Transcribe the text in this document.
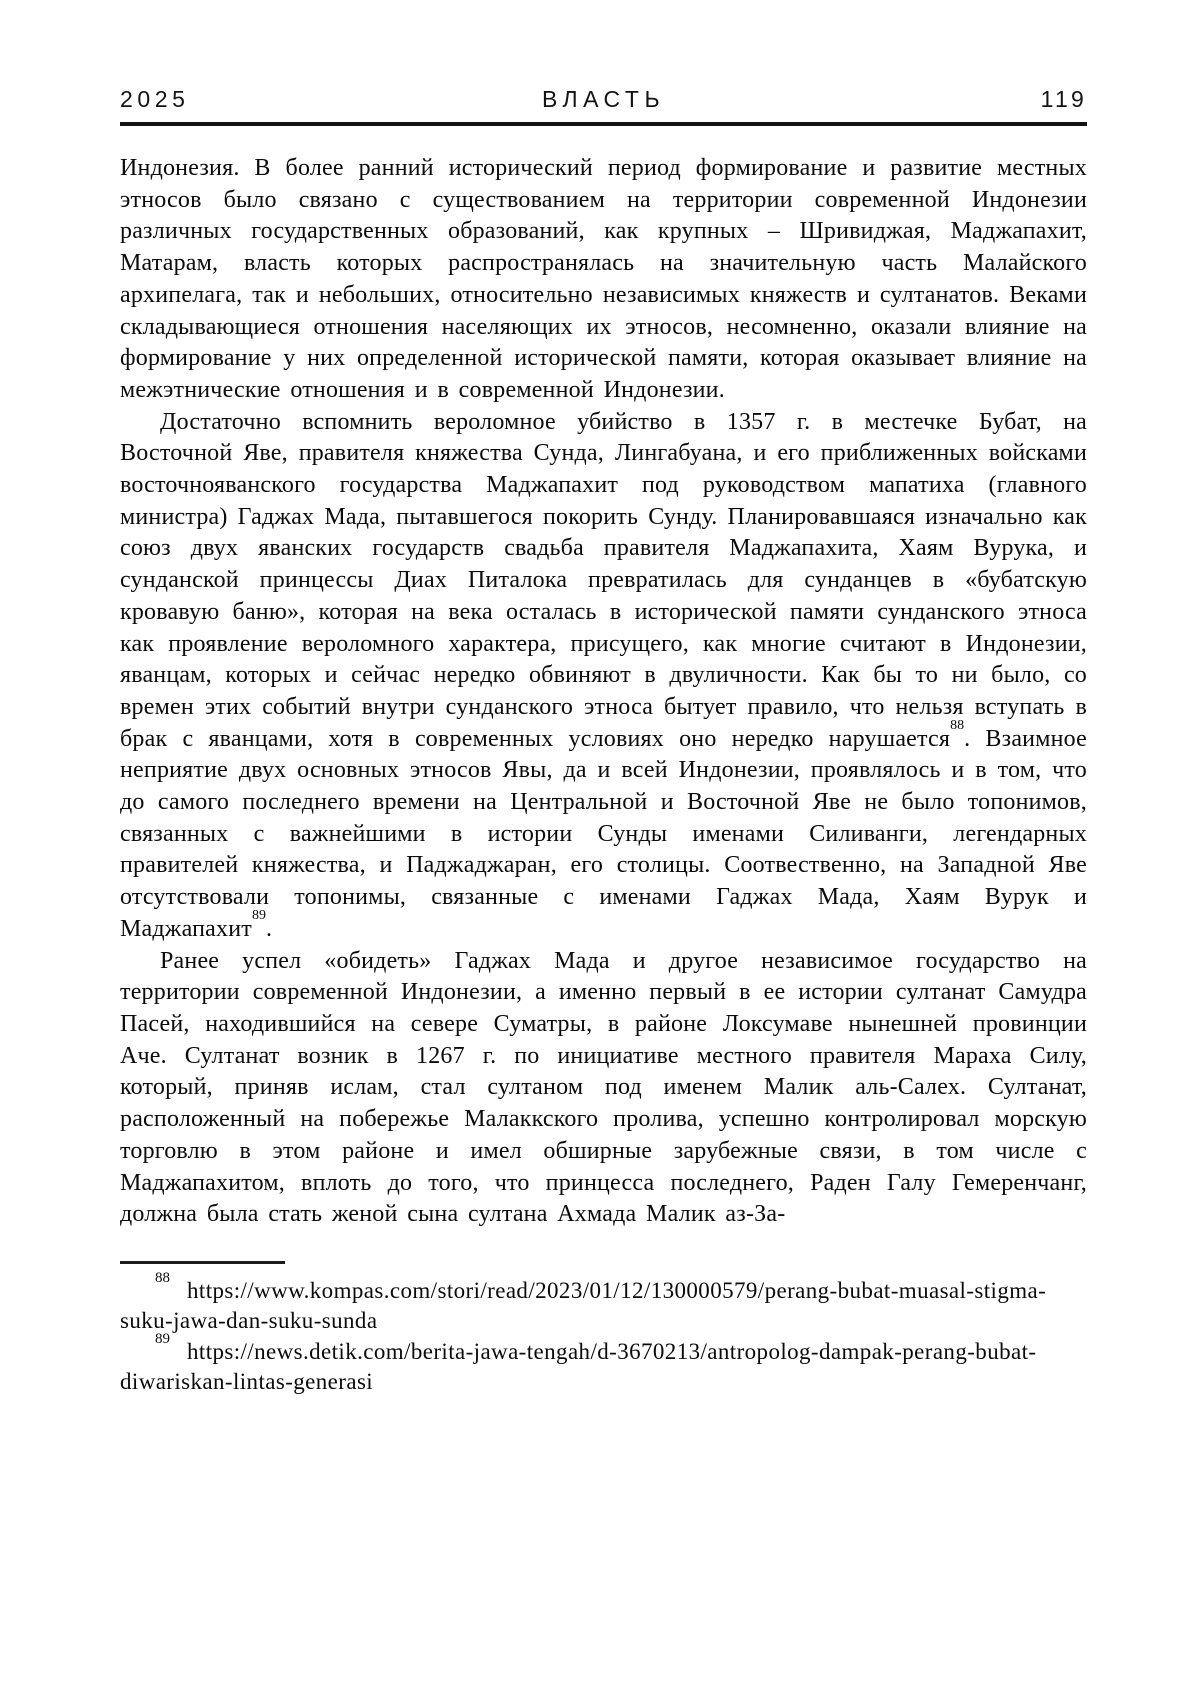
2025	ВЛАСТЬ	119

Индонезия. В более ранний исторический период формирование и развитие местных этносов было связано с существованием на территории современной Индонезии различных государственных образований, как крупных – Шривиджая, Маджапахит, Матарам, власть которых распространялась на значительную часть Малайского архипелага, так и небольших, относительно независимых княжеств и султанатов. Веками складывающиеся отношения населяющих их этносов, несомненно, оказали влияние на формирование у них определенной исторической памяти, которая оказывает влияние на межэтнические отношения и в современной Индонезии.

Достаточно вспомнить вероломное убийство в 1357 г. в местечке Бубат, на Восточной Яве, правителя княжества Сунда, Лингабуана, и его приближенных войсками восточнояванского государства Маджапахит под руководством мапатиха (главного министра) Гаджах Мада, пытавшегося покорить Сунду. Планировавшаяся изначально как союз двух яванских государств свадьба правителя Маджапахита, Хаям Вурука, и сунданской принцессы Диах Питалока превратилась для сунданцев в «бубатскую кровавую баню», которая на века осталась в исторической памяти сунданского этноса как проявление вероломного характера, присущего, как многие считают в Индонезии, яванцам, которых и сейчас нередко обвиняют в двуличности. Как бы то ни было, со времен этих событий внутри сунданского этноса бытует правило, что нельзя вступать в брак с яванцами, хотя в современных условиях оно нередко нарушается$^{88}$. Взаимное неприятие двух основных этносов Явы, да и всей Индонезии, проявлялось и в том, что до самого последнего времени на Центральной и Восточной Яве не было топонимов, связанных с важнейшими в истории Сунды именами Силиванги, легендарных правителей княжества, и Паджаджаран, его столицы. Соотвественно, на Западной Яве отсутствовали топонимы, связанные с именами Гаджах Мада, Хаям Вурук и Маджапахит$^{89}$.

Ранее успел «обидеть» Гаджах Мада и другое независимое государство на территории современной Индонезии, а именно первый в ее истории султанат Самудра Пасей, находившийся на севере Суматры, в районе Локсумаве нынешней провинции Аче. Султанат возник в 1267 г. по инициативе местного правителя Мараха Силу, который, приняв ислам, стал султаном под именем Малик аль-Салех. Султанат, расположенный на побережье Малаккского пролива, успешно контролировал морскую торговлю в этом районе и имел обширные зарубежные связи, в том числе с Маджапахитом, вплоть до того, что принцесса последнего, Раден Галу Гемеренчанг, должна была стать женой сына султана Ахмада Малик аз-За-

$^{88}$https://www.kompas.com/stori/read/2023/01/12/130000579/perang-bubat-muasal-stigma-suku-jawa-dan-suku-sunda

$^{89}$https://news.detik.com/berita-jawa-tengah/d-3670213/antropolog-dampak-perang-bubat-diwariskan-lintas-generasi
